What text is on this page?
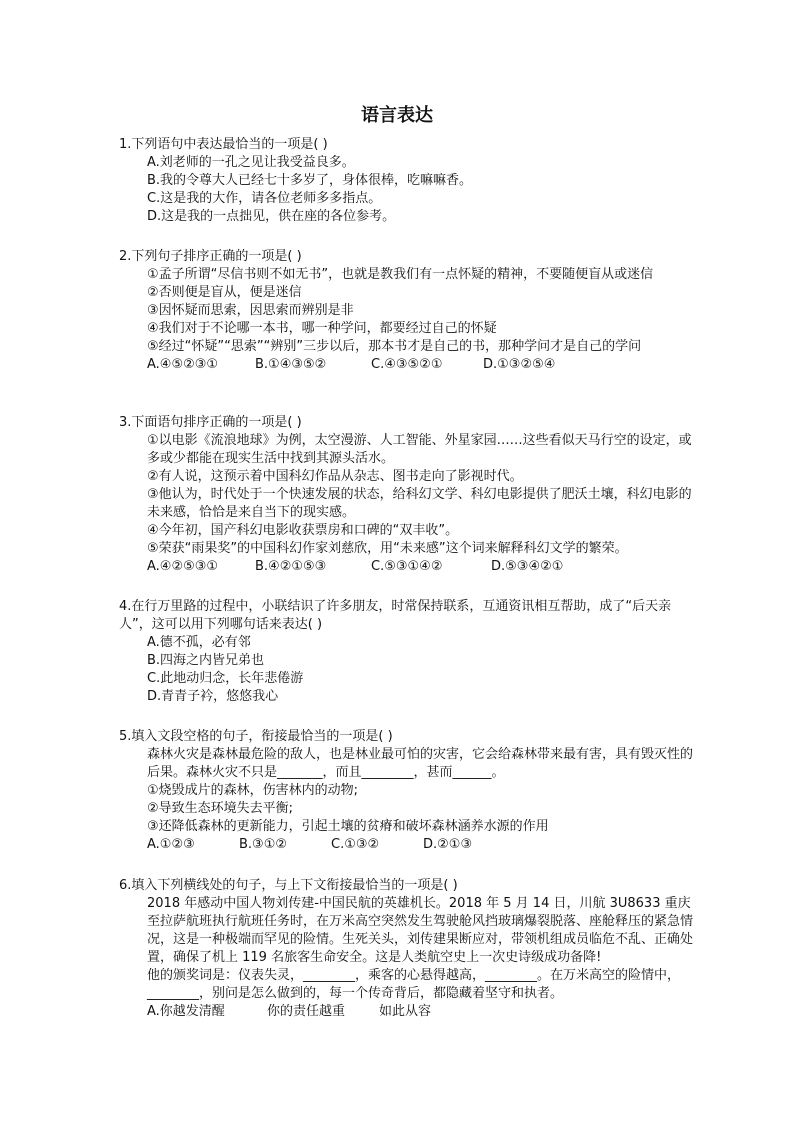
语言表达
1.下列语句中表达最恰当的一项是( )
A.刘老师的一孔之见让我受益良多。
B.我的令尊大人已经七十多岁了，身体很棒，吃嘛嘛香。
C.这是我的大作，请各位老师多多指点。
D.这是我的一点拙见，供在座的各位参考。
2.下列句子排序正确的一项是( )
①孟子所谓“尽信书则不如无书”，也就是教我们有一点怀疑的精神，不要随便盲从或迷信
②否则便是盲从，便是迷信
③因怀疑而思索，因思索而辨别是非
④我们对于不论哪一本书，哪一种学问，都要经过自己的怀疑
⑤经过“怀疑”“思索”“辨别”三步以后，那本书才是自己的书，那种学问才是自己的学问
A.④⑤②③①	B.①④③⑤②	C.④③⑤②①	D.①③②⑤④
3.下面语句排序正确的一项是( )
①以电影《流浪地球》为例，太空漫游、人工智能、外星家园……这些看似天马行空的设定，或多或少都能在现实生活中找到其源头活水。
②有人说，这预示着中国科幻作品从杂志、图书走向了影视时代。
③他认为，时代处于一个快速发展的状态，给科幻文学、科幻电影提供了肥沃土壤，科幻电影的未来感，恰恰是来自当下的现实感。
④今年初，国产科幻电影收获票房和口碑的“双丰收”。
⑤荣获“雨果奖”的中国科幻作家刘慈欣，用“未来感”这个词来解释科幻文学的繁荣。
A.④②⑤③①	B.④②①⑤③	C.⑤③①④②	D.⑤③④②①
4.在行万里路的过程中，小联结识了许多朋友，时常保持联系，互通资讯相互帮助，成了“后天亲人”，这可以用下列哪句话来表达( )
A.德不孤，必有邻
B.四海之内皆兄弟也
C.此地动归念，长年悲倦游
D.青青子衿，悠悠我心
5.填入文段空格的句子，衔接最恰当的一项是( )
森林火灾是森林最危险的敌人，也是林业最可怕的灾害，它会给森林带来最有害，具有毁灭性的后果。森林火灾不只是_______，而且________，甚而______。
①烧毁成片的森林，伤害林内的动物;
②导致生态环境失去平衡;
③还降低森林的更新能力，引起土壤的贫瘠和破坏森林涵养水源的作用
A.①②③	B.③①②	C.①③②	D.②①③
6.填入下列横线处的句子，与上下文衔接最恰当的一项是( )
2018 年感动中国人物刘传建-中国民航的英雄机长。2018 年 5 月 14 日，川航 3U8633 重庆至拉萨航班执行航班任务时，在万米高空突然发生驾驶舱风挡玻璃爆裂脱落、座舱释压的紧急情况，这是一种极端而罕见的险情。生死关头，刘传建果断应对，带领机组成员临危不乱、正确处置，确保了机上 119 名旅客生命安全。这是人类航空史上一次史诗级成功备降!
他的颁奖词是：仪表失灵，________，乘客的心悬得越高，________。在万米高空的险情中，________，别问是怎么做到的，每一个传奇背后，都隐藏着坚守和执者。
A.你越发清醒	你的责任越重	如此从容
